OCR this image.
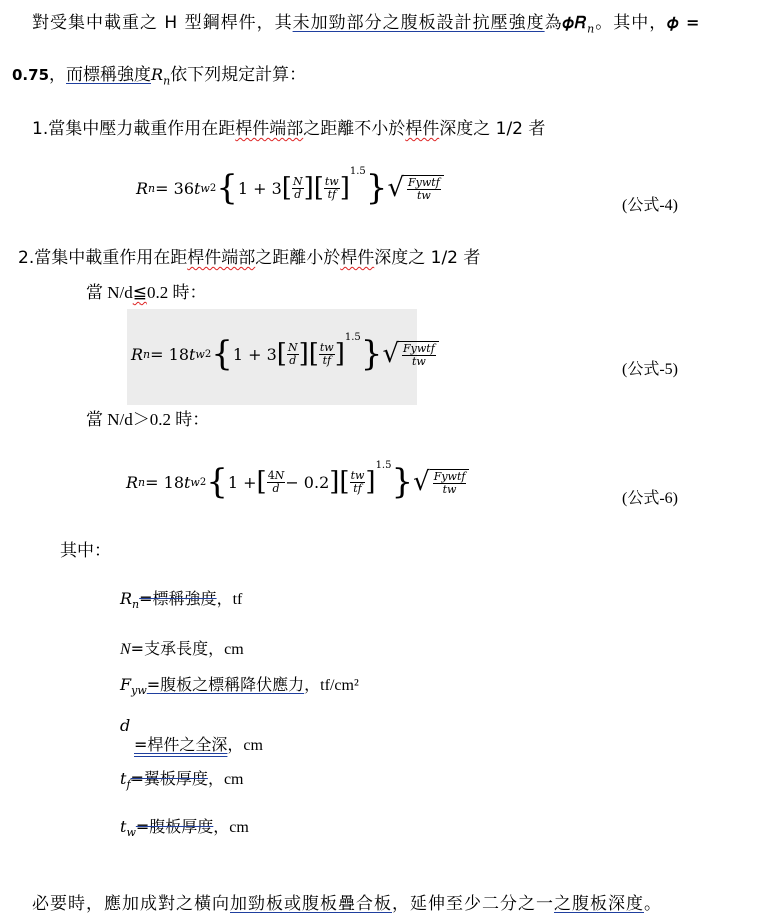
對受集中載重之 H 型鋼桿件，其未加勁部分之腹板設計抗壓強度為𝜙𝑅$_𝑛$。其中，𝜙 =
0.75，而標稱強度𝑅$_𝑛$依下列規定計算：
1.當集中壓力載重作用在距桿件端部之距離不小於桿件深度之 1/2 者
𝑅 𝑛 = 36𝑡 𝑤 2 { 1 + 3 [ $\frac{\text{𝑁}}{\text{𝑑}}$ ] [ $\frac{\text{𝑡𝑤}}{\text{𝑡𝑓}}$ ]
1.5 } √ $\frac{\text{𝐹𝑦𝑤𝑡𝑓}}{\text{𝑡𝑤}}$
(公式-4)
2.當集中載重作用在距桿件端部之距離小於桿件深度之 1/2 者
當 N/d≦0.2 時：
𝑅 𝑛 = 18𝑡 𝑤 2 { 1 + 3 [ $\frac{\text{𝑁}}{\text{𝑑}}$ ] [ $\frac{\text{𝑡𝑤}}{\text{𝑡𝑓}}$ ]
1.5 } √ $\frac{\text{𝐹𝑦𝑤𝑡𝑓}}{\text{𝑡𝑤}}$
(公式-5)
當 N/d＞0.2 時：
𝑅 𝑛 = 18𝑡 𝑤 2 { 1 + [ $\frac{\text{4𝑁}}{\text{𝑑}} - 0.2$ ] [ $\frac{\text{𝑡𝑤}}{\text{𝑡𝑓}}$ ]
1.5 } √ $\frac{\text{𝐹𝑦𝑤𝑡𝑓}}{\text{𝑡𝑤}}$
(公式-6)
其中：
𝑅$_𝑛$=標稱強度，tf
N=支承長度，cm
𝐹$_{𝑦𝑤}$=腹板之標稱降伏應力，tf/cm²
𝑑
=桿件之全深，cm
𝑡$_𝑓$=翼板厚度，cm
𝑡$_𝑤$=腹板厚度，cm
必要時，應加成對之橫向加勁板或腹板疊合板，延伸至少二分之一之腹板深度。
